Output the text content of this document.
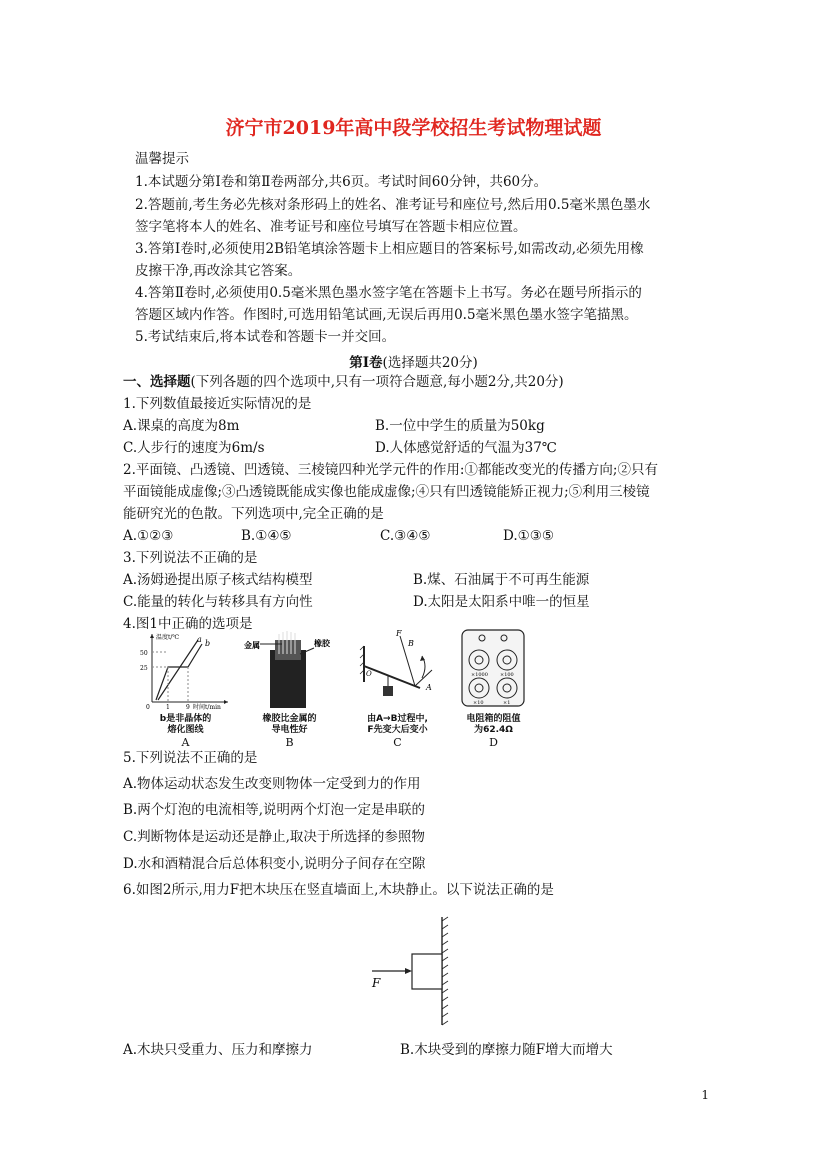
济宁市2019年高中段学校招生考试物理试题
温馨提示
1.本试题分第Ⅰ卷和第Ⅱ卷两部分,共6页。考试时间60分钟，共60分。
2.答题前,考生务必先核对条形码上的姓名、准考证号和座位号,然后用0.5毫米黑色墨水
签字笔将本人的姓名、准考证号和座位号填写在答题卡相应位置。
3.答第Ⅰ卷时,必须使用2B铅笔填涂答题卡上相应题目的答案标号,如需改动,必须先用橡
皮擦干净,再改涂其它答案。
4.答第Ⅱ卷时,必须使用0.5毫米黑色墨水签字笔在答题卡上书写。务必在题号所指示的
答题区域内作答。作图时,可选用铅笔试画,无误后再用0.5毫米黑色墨水签字笔描黑。
5.考试结束后,将本试卷和答题卡一并交回。
第Ⅰ卷(选择题共20分)
一、选择题(下列各题的四个选项中,只有一项符合题意,每小题2分,共20分)
1.下列数值最接近实际情况的是
A.课桌的高度为8m	B.一位中学生的质量为50kg
C.人步行的速度为6m/s	D.人体感觉舒适的气温为37℃
2.平面镜、凸透镜、凹透镜、三棱镜四种光学元件的作用:①都能改变光的传播方向;②只有
平面镜能成虚像;③凸透镜既能成实像也能成虚像;④只有凹透镜能矫正视力;⑤利用三棱镜
能研究光的色散。下列选项中,完全正确的是
A.①②③	B.①④⑤	C.③④⑤	D.①③⑤
3.下列说法不正确的是
A.汤姆逊提出原子核式结构模型	B.煤、石油属于不可再生能源
C.能量的转化与转移具有方向性	D.太阳是太阳系中唯一的恒星
4.图1中正确的选项是
温度t/℃
时间t/min
50
25
0	1	9
a b
b是非晶体的
熔化图线
A
金属	橡胶
橡胶比金属的
导电性好
B
F
B
A
O
由A→B过程中,
F先变大后变小
C
×1000 ×100
×10	×1
电阻箱的阻值
为62.4Ω
D
5.下列说法不正确的是
A.物体运动状态发生改变则物体一定受到力的作用
B.两个灯泡的电流相等,说明两个灯泡一定是串联的
C.判断物体是运动还是静止,取决于所选择的参照物
D.水和酒精混合后总体积变小,说明分子间存在空隙
6.如图2所示,用力F把木块压在竖直墙面上,木块静止。以下说法正确的是
F
A.木块只受重力、压力和摩擦力	B.木块受到的摩擦力随F增大而增大
1
